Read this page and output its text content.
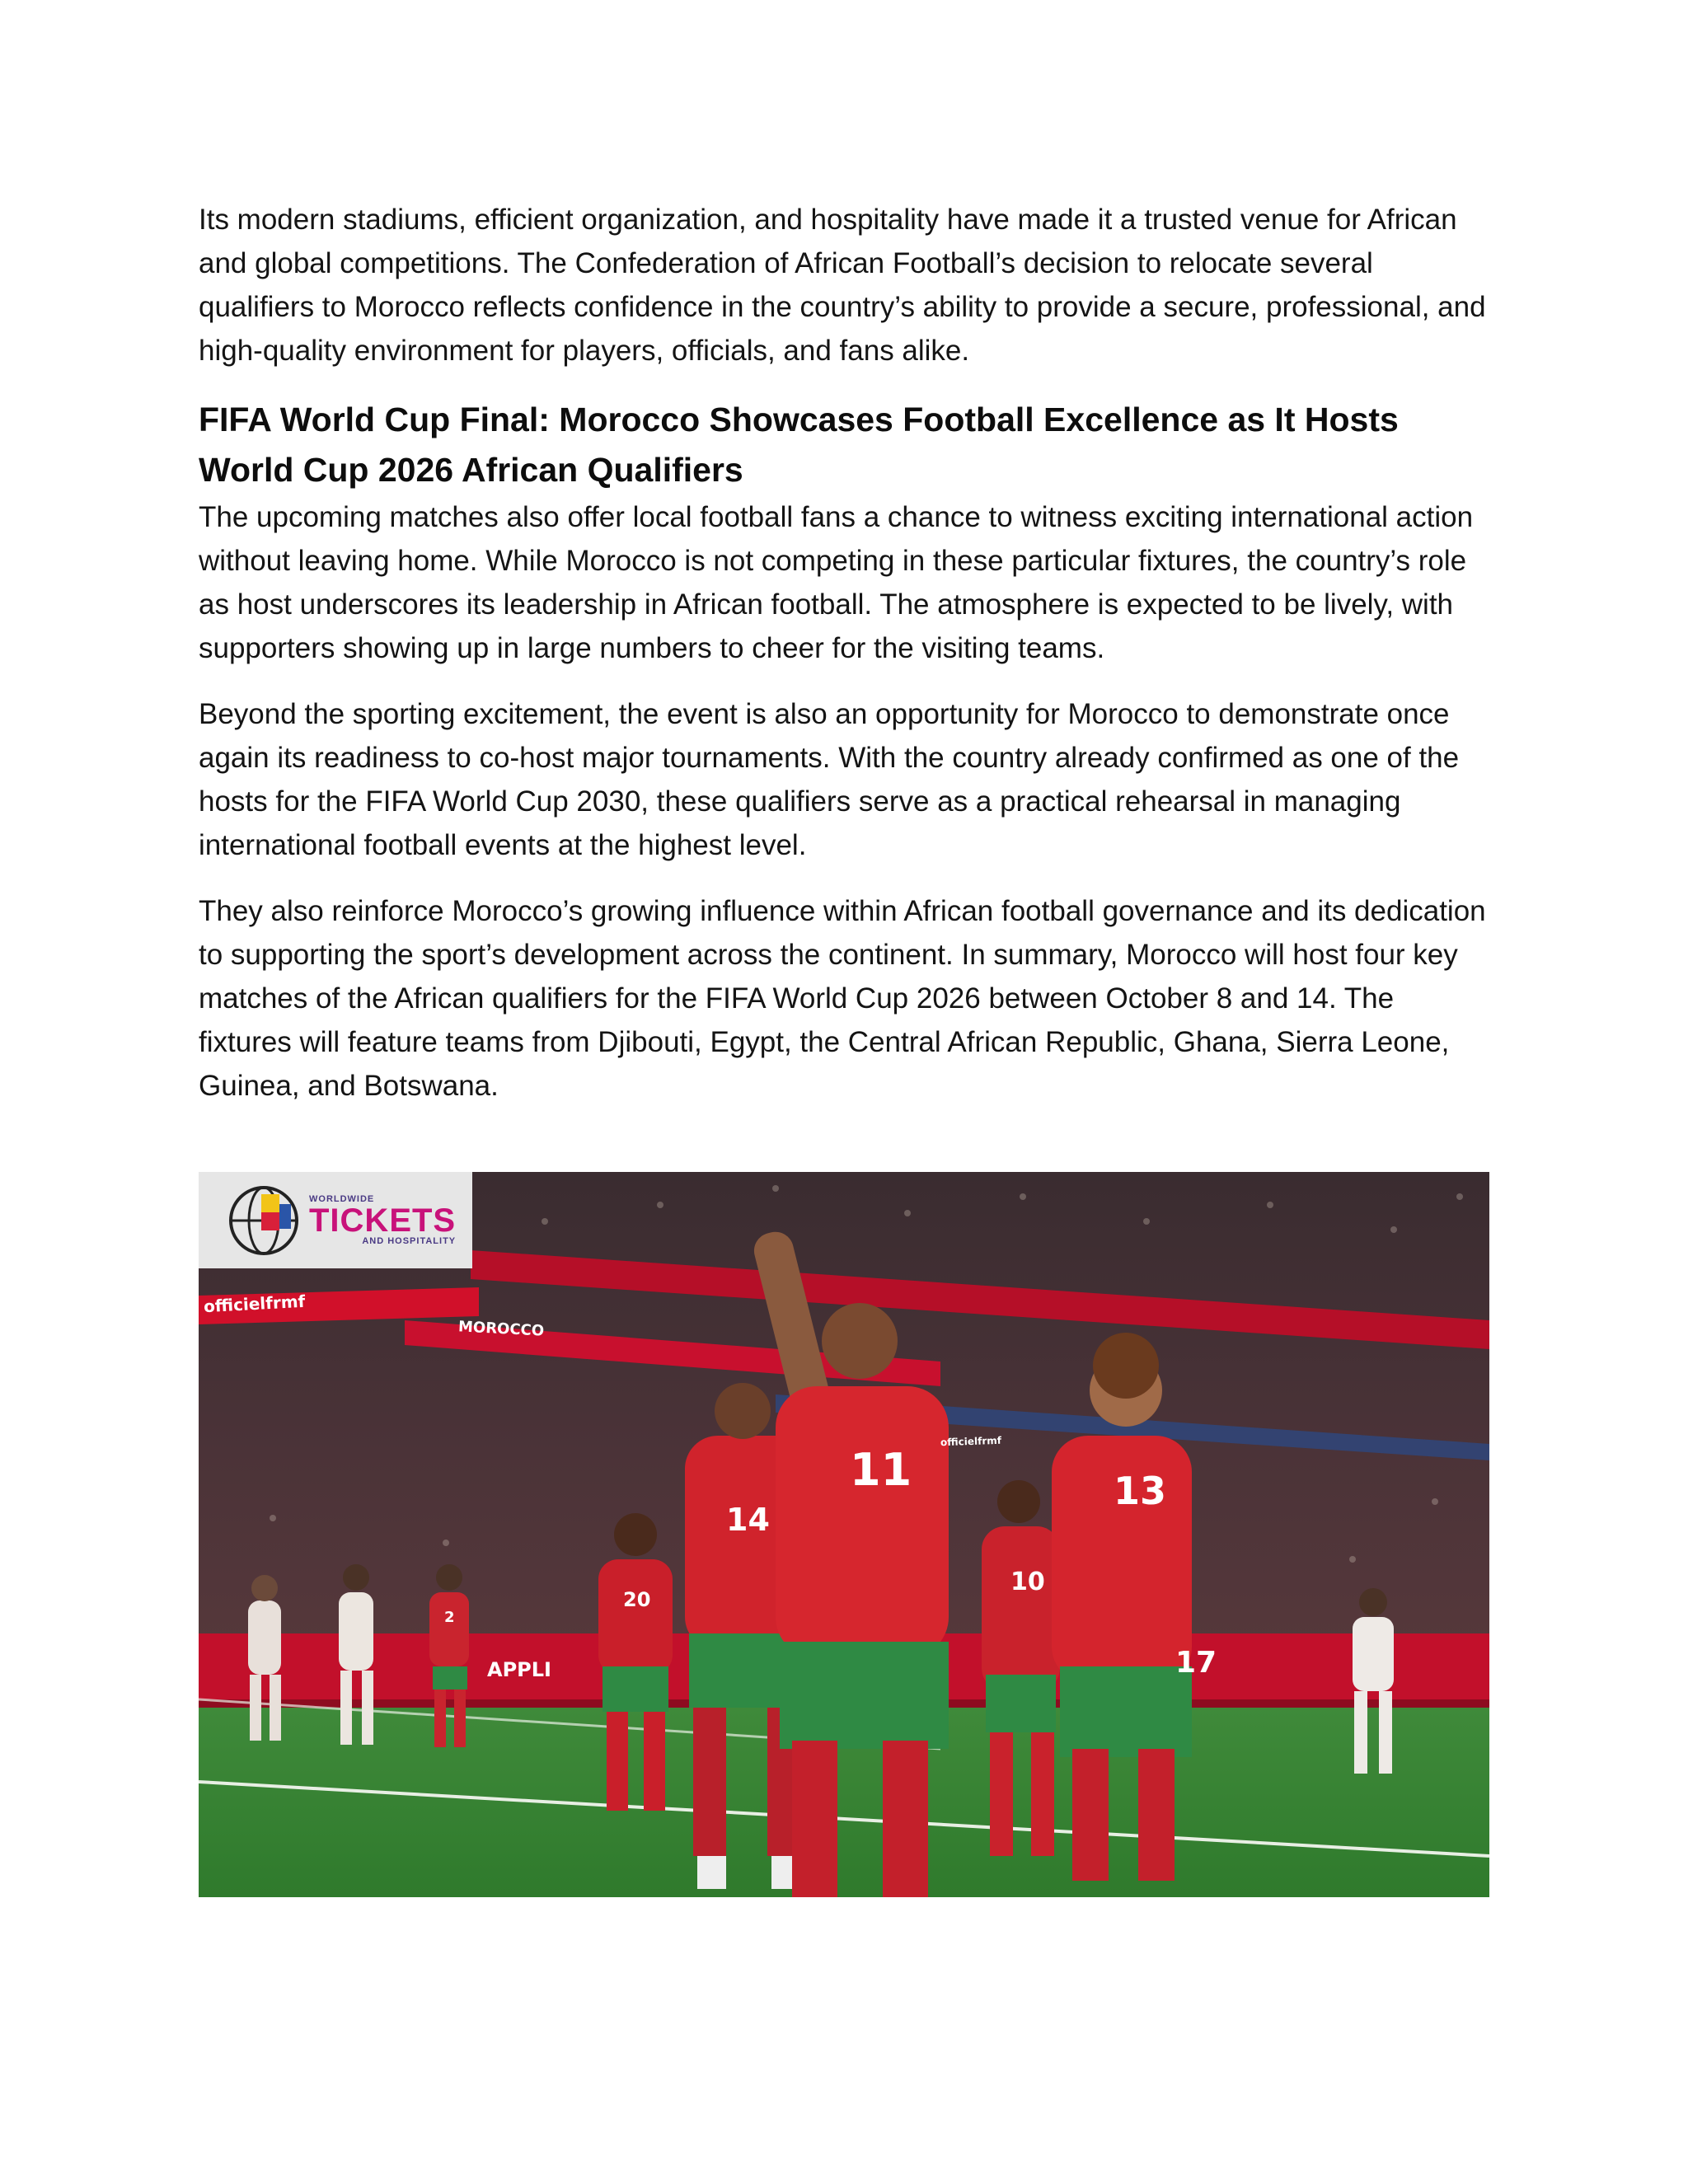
Its modern stadiums, efficient organization, and hospitality have made it a trusted venue for African and global competitions. The Confederation of African Football’s decision to relocate several qualifiers to Morocco reflects confidence in the country’s ability to provide a secure, professional, and high-quality environment for players, officials, and fans alike.

FIFA World Cup Final: Morocco Showcases Football Excellence as It Hosts World Cup 2026 African Qualifiers

The upcoming matches also offer local football fans a chance to witness exciting international action without leaving home. While Morocco is not competing in these particular fixtures, the country’s role as host underscores its leadership in African football. The atmosphere is expected to be lively, with supporters showing up in large numbers to cheer for the visiting teams.

Beyond the sporting excitement, the event is also an opportunity for Morocco to demonstrate once again its readiness to co-host major tournaments. With the country already confirmed as one of the hosts for the FIFA World Cup 2030, these qualifiers serve as a practical rehearsal in managing international football events at the highest level.

They also reinforce Morocco’s growing influence within African football governance and its dedication to supporting the sport’s development across the continent. In summary, Morocco will host four key matches of the African qualifiers for the FIFA World Cup 2026 between October 8 and 14. The fixtures will feature teams from Djibouti, Egypt, the Central African Republic, Ghana, Sierra Leone, Guinea, and Botswana.

WORLDWIDE
TICKETS
AND HOSPITALITY
officielfrmf
MOROCCO
officielfrmf
APPLI
11	13
14
20
10
2
17
